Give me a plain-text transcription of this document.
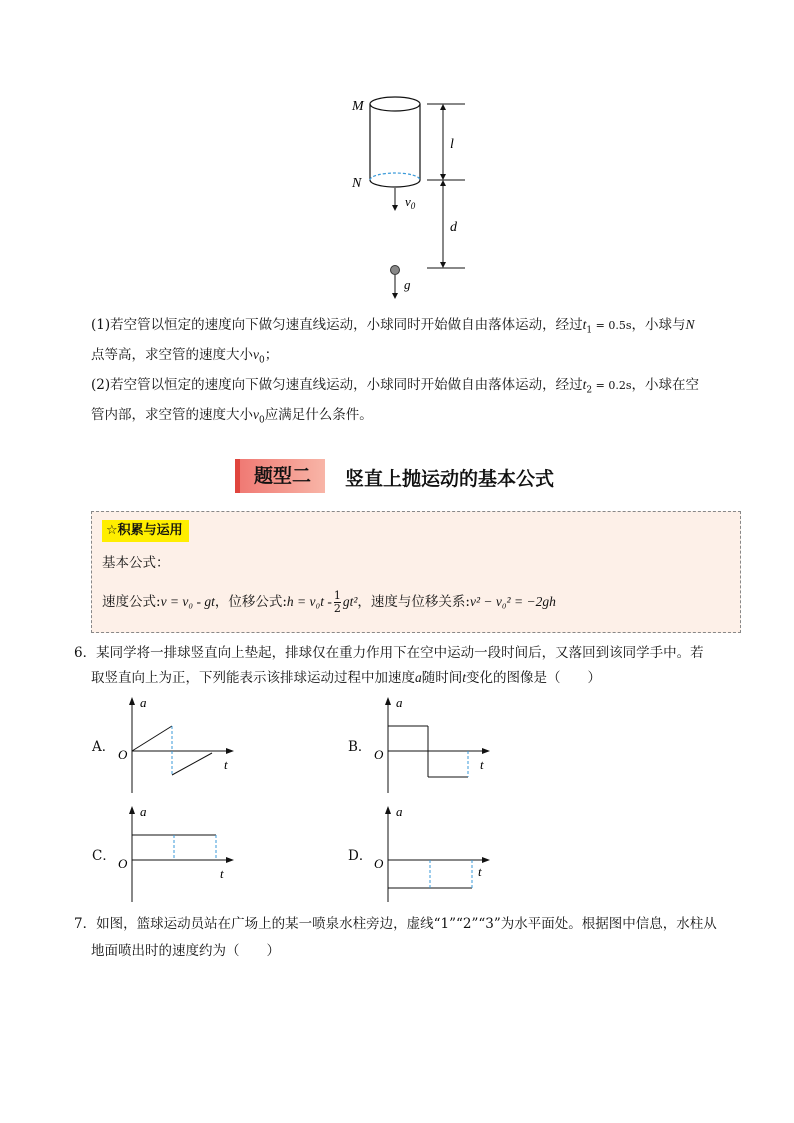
M
N
$v_0$
l
d
g
(1)若空管以恒定的速度向下做匀速直线运动，小球同时开始做自由落体运动，经过$t_1 = 0.5s$，小球与N
点等高，求空管的速度大小$v_0$；
(2)若空管以恒定的速度向下做匀速直线运动，小球同时开始做自由落体运动，经过$t_2 = 0.2s$，小球在空
管内部，求空管的速度大小$v_0$应满足什么条件。
题型二	竖直上抛运动的基本公式
☆积累与运用
基本公式：
速度公式:v = v₀ - gt，位移公式:h = $v_0t - \frac{1}{2} gt^2$，速度与位移关系:v² − v₀² = −2gh
6．某同学将一排球竖直向上垫起，排球仅在重力作用下在空中运动一段时间后，又落回到该同学手中。若
取竖直向上为正，下列能表示该排球运动过程中加速度a随时间t变化的图像是（　　）
A．
a
t
O	B．
a
t
O
C．
a
t
O	D．
a
t
O
7．如图，篮球运动员站在广场上的某一喷泉水柱旁边，虚线“1”“2”“3”为水平面处。根据图中信息，水柱从
地面喷出时的速度约为（　　）
